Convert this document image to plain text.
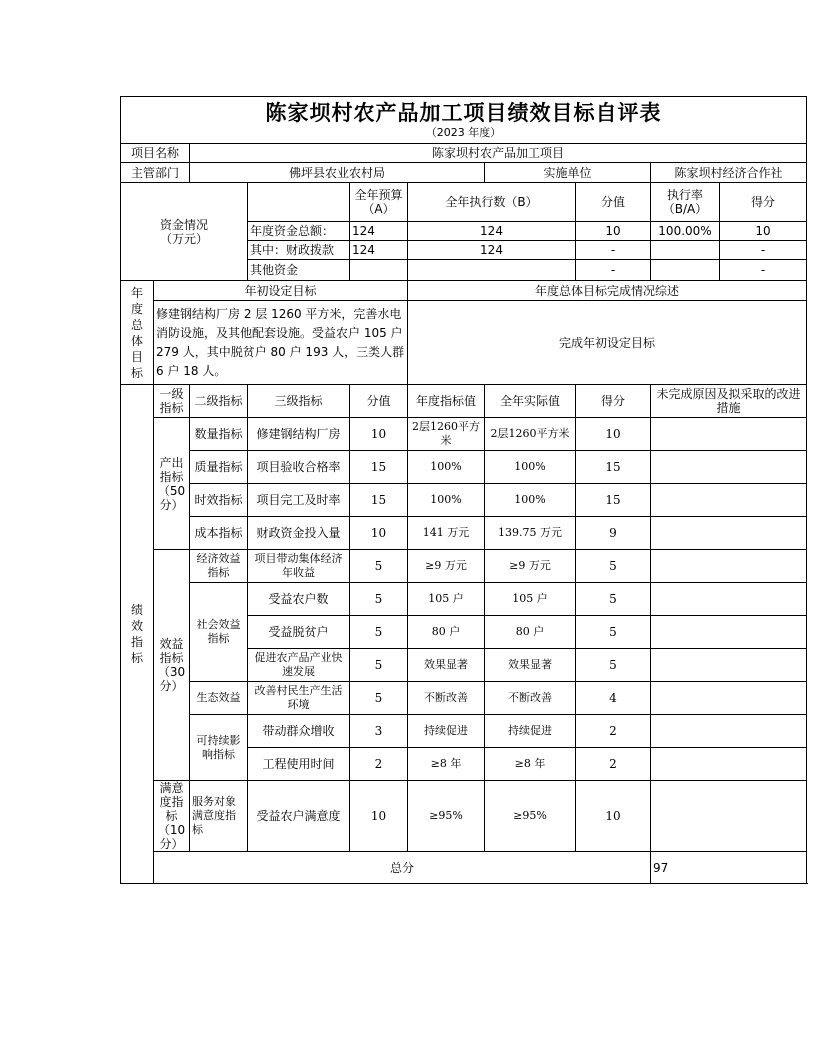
陈家坝村农产品加工项目绩效目标自评表
（2023 年度）									

项目名称		陈家坝村农产品加工项目							
主管部门		佛坪县农业农村局				实施单位		陈家坝村经济合作社	
资金情况
（万元）				全年预算（A）	全年执行数（B）		分值	执行率（B/A）	得分
			年度资金总额：	124	124		10	100.00%	10
			其中：财政拨款	124	124		-		-
			其他资金				-		-

年度总体目标	年初设定目标				年度总体目标完成情况综述				
	修建钢结构厂房 2 层 1260 平方米，完善水电消防设施，及其他配套设施。受益农户 105 户 279 人，其中脱贫户 80 户 193 人，三类人群 6 户 18 人。				完成年初设定目标				

绩效指标	一级指标	二级指标	三级指标	分值	年度指标值	全年实际值	得分	未完成原因及拟采取的改进措施	
	产出指标（50分）	数量指标	修建钢结构厂房	10	2层1260平方米	2层1260平方米	10		
		质量指标	项目验收合格率	15	100%	100%	15		
		时效指标	项目完工及时率	15	100%	100%	15		
		成本指标	财政资金投入量	10	141 万元	139.75 万元	9		
	效益指标（30分）	经济效益指标	项目带动集体经济年收益	5	≥9 万元	≥9 万元	5		
		社会效益指标	受益农户数	5	105 户	105 户	5		
			受益脱贫户	5	80 户	80 户	5		
			促进农产品产业快速发展	5	效果显著	效果显著	5		
		生态效益	改善村民生产生活环境	5	不断改善	不断改善	4		
		可持续影响指标	带动群众增收	3	持续促进	持续促进	2		
			工程使用时间	2	≥8 年	≥8 年	2		
	满意度指标（10分）	服务对象满意度指标	受益农户满意度	10	≥95%	≥95%	10		
	总分							97	
